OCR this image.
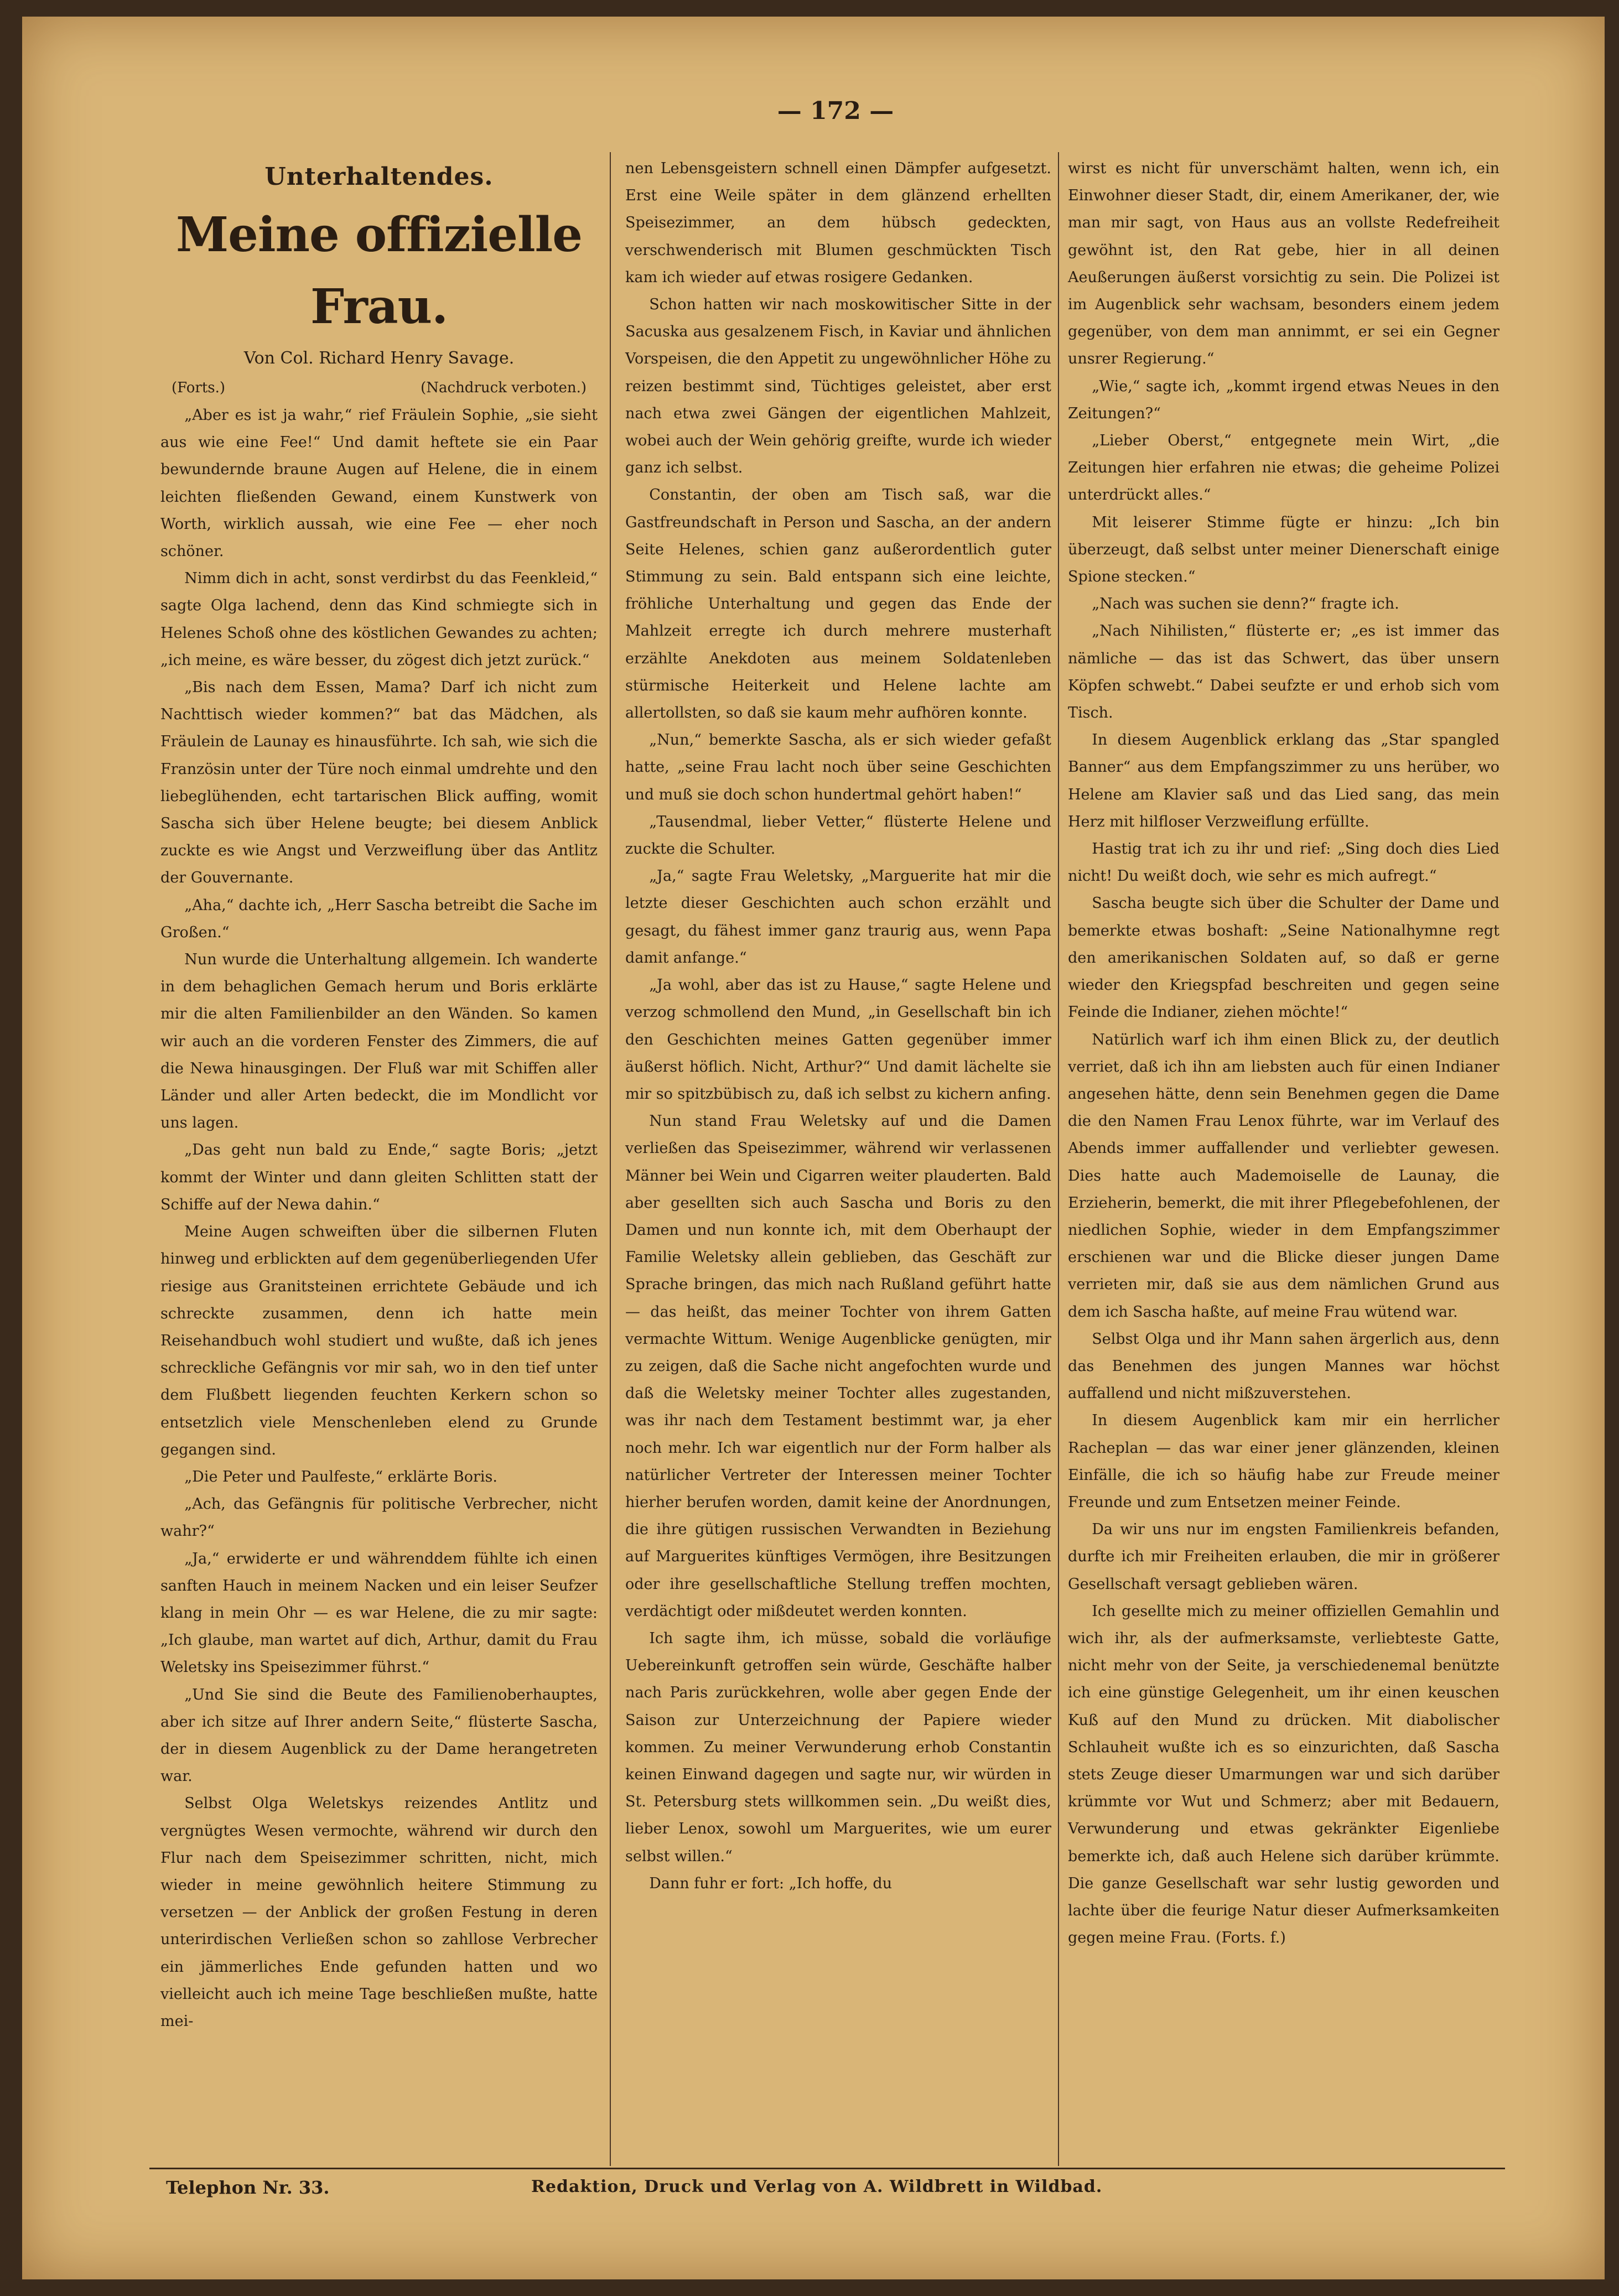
— 172 —
Unterhaltendes.
Meine offizielle Frau.
Von Col. Richard Henry Savage.
(Forts.)	(Nachdruck verboten.)

„Aber es ist ja wahr,“ rief Fräulein Sophie, „sie sieht aus wie eine Fee!“ Und damit heftete sie ein Paar bewundernde braune Augen auf Helene, die in einem leichten fließenden Gewand, einem Kunstwerk von Worth, wirklich aussah, wie eine Fee — eher noch schöner.

Nimm dich in acht, sonst verdirbst du das Feenkleid,“ sagte Olga lachend, denn das Kind schmiegte sich in Helenes Schoß ohne des köstlichen Gewandes zu achten; „ich meine, es wäre besser, du zögest dich jetzt zurück.“

„Bis nach dem Essen, Mama? Darf ich nicht zum Nachttisch wieder kommen?“ bat das Mädchen, als Fräulein de Launay es hinausführte. Ich sah, wie sich die Französin unter der Türe noch einmal umdrehte und den liebeglühenden, echt tartarischen Blick auffing, womit Sascha sich über Helene beugte; bei diesem Anblick zuckte es wie Angst und Verzweiflung über das Antlitz der Gouvernante.

„Aha,“ dachte ich, „Herr Sascha betreibt die Sache im Großen.“

Nun wurde die Unterhaltung allgemein. Ich wanderte in dem behaglichen Gemach herum und Boris erklärte mir die alten Familienbilder an den Wänden. So kamen wir auch an die vorderen Fenster des Zimmers, die auf die Newa hinausgingen. Der Fluß war mit Schiffen aller Länder und aller Arten bedeckt, die im Mondlicht vor uns lagen.

„Das geht nun bald zu Ende,“ sagte Boris; „jetzt kommt der Winter und dann gleiten Schlitten statt der Schiffe auf der Newa dahin.“

Meine Augen schweiften über die silbernen Fluten hinweg und erblickten auf dem gegenüberliegenden Ufer riesige aus Granitsteinen errichtete Gebäude und ich schreckte zusammen, denn ich hatte mein Reisehandbuch wohl studiert und wußte, daß ich jenes schreckliche Gefängnis vor mir sah, wo in den tief unter dem Flußbett liegenden feuchten Kerkern schon so entsetzlich viele Menschenleben elend zu Grunde gegangen sind.

„Die Peter und Paulfeste,“ erklärte Boris.

„Ach, das Gefängnis für politische Verbrecher, nicht wahr?“

„Ja,“ erwiderte er und währenddem fühlte ich einen sanften Hauch in meinem Nacken und ein leiser Seufzer klang in mein Ohr — es war Helene, die zu mir sagte: „Ich glaube, man wartet auf dich, Arthur, damit du Frau Weletsky ins Speisezimmer führst.“

„Und Sie sind die Beute des Familienoberhauptes, aber ich sitze auf Ihrer andern Seite,“ flüsterte Sascha, der in diesem Augenblick zu der Dame herangetreten war.

Selbst Olga Weletskys reizendes Antlitz und vergnügtes Wesen vermochte, während wir durch den Flur nach dem Speisezimmer schritten, nicht, mich wieder in meine gewöhnlich heitere Stimmung zu versetzen — der Anblick der großen Festung in deren unterirdischen Verließen schon so zahllose Verbrecher ein jämmerliches Ende gefunden hatten und wo vielleicht auch ich meine Tage beschließen mußte, hatte mei-

nen Lebensgeistern schnell einen Dämpfer aufgesetzt. Erst eine Weile später in dem glänzend erhellten Speisezimmer, an dem hübsch gedeckten, verschwenderisch mit Blumen geschmückten Tisch kam ich wieder auf etwas rosigere Gedanken.

Schon hatten wir nach moskowitischer Sitte in der Sacuska aus gesalzenem Fisch, in Kaviar und ähnlichen Vorspeisen, die den Appetit zu ungewöhnlicher Höhe zu reizen bestimmt sind, Tüchtiges geleistet, aber erst nach etwa zwei Gängen der eigentlichen Mahlzeit, wobei auch der Wein gehörig greifte, wurde ich wieder ganz ich selbst.

Constantin, der oben am Tisch saß, war die Gastfreundschaft in Person und Sascha, an der andern Seite Helenes, schien ganz außerordentlich guter Stimmung zu sein. Bald entspann sich eine leichte, fröhliche Unterhaltung und gegen das Ende der Mahlzeit erregte ich durch mehrere musterhaft erzählte Anekdoten aus meinem Soldatenleben stürmische Heiterkeit und Helene lachte am allertollsten, so daß sie kaum mehr aufhören konnte.

„Nun,“ bemerkte Sascha, als er sich wieder gefaßt hatte, „seine Frau lacht noch über seine Geschichten und muß sie doch schon hundertmal gehört haben!“

„Tausendmal, lieber Vetter,“ flüsterte Helene und zuckte die Schulter.

„Ja,“ sagte Frau Weletsky, „Marguerite hat mir die letzte dieser Geschichten auch schon erzählt und gesagt, du fähest immer ganz traurig aus, wenn Papa damit anfange.“

„Ja wohl, aber das ist zu Hause,“ sagte Helene und verzog schmollend den Mund, „in Gesellschaft bin ich den Geschichten meines Gatten gegenüber immer äußerst höflich. Nicht, Arthur?“ Und damit lächelte sie mir so spitzbübisch zu, daß ich selbst zu kichern anfing.

Nun stand Frau Weletsky auf und die Damen verließen das Speisezimmer, während wir verlassenen Männer bei Wein und Cigarren weiter plauderten. Bald aber gesellten sich auch Sascha und Boris zu den Damen und nun konnte ich, mit dem Oberhaupt der Familie Weletsky allein geblieben, das Geschäft zur Sprache bringen, das mich nach Rußland geführt hatte — das heißt, das meiner Tochter von ihrem Gatten vermachte Wittum. Wenige Augenblicke genügten, mir zu zeigen, daß die Sache nicht angefochten wurde und daß die Weletsky meiner Tochter alles zugestanden, was ihr nach dem Testament bestimmt war, ja eher noch mehr. Ich war eigentlich nur der Form halber als natürlicher Vertreter der Interessen meiner Tochter hierher berufen worden, damit keine der Anordnungen, die ihre gütigen russischen Verwandten in Beziehung auf Marguerites künftiges Vermögen, ihre Besitzungen oder ihre gesellschaftliche Stellung treffen mochten, verdächtigt oder mißdeutet werden konnten.

Ich sagte ihm, ich müsse, sobald die vorläufige Uebereinkunft getroffen sein würde, Geschäfte halber nach Paris zurückkehren, wolle aber gegen Ende der Saison zur Unterzeichnung der Papiere wieder kommen. Zu meiner Verwunderung erhob Constantin keinen Einwand dagegen und sagte nur, wir würden in St. Petersburg stets willkommen sein. „Du weißt dies, lieber Lenox, sowohl um Marguerites, wie um eurer selbst willen.“

Dann fuhr er fort: „Ich hoffe, du

wirst es nicht für unverschämt halten, wenn ich, ein Einwohner dieser Stadt, dir, einem Amerikaner, der, wie man mir sagt, von Haus aus an vollste Redefreiheit gewöhnt ist, den Rat gebe, hier in all deinen Aeußerungen äußerst vorsichtig zu sein. Die Polizei ist im Augenblick sehr wachsam, besonders einem jedem gegenüber, von dem man annimmt, er sei ein Gegner unsrer Regierung.“

„Wie,“ sagte ich, „kommt irgend etwas Neues in den Zeitungen?“

„Lieber Oberst,“ entgegnete mein Wirt, „die Zeitungen hier erfahren nie etwas; die geheime Polizei unterdrückt alles.“

Mit leiserer Stimme fügte er hinzu: „Ich bin überzeugt, daß selbst unter meiner Dienerschaft einige Spione stecken.“

„Nach was suchen sie denn?“ fragte ich.

„Nach Nihilisten,“ flüsterte er; „es ist immer das nämliche — das ist das Schwert, das über unsern Köpfen schwebt.“ Dabei seufzte er und erhob sich vom Tisch.

In diesem Augenblick erklang das „Star spangled Banner“ aus dem Empfangszimmer zu uns herüber, wo Helene am Klavier saß und das Lied sang, das mein Herz mit hilfloser Verzweiflung erfüllte.

Hastig trat ich zu ihr und rief: „Sing doch dies Lied nicht! Du weißt doch, wie sehr es mich aufregt.“

Sascha beugte sich über die Schulter der Dame und bemerkte etwas boshaft: „Seine Nationalhymne regt den amerikanischen Soldaten auf, so daß er gerne wieder den Kriegspfad beschreiten und gegen seine Feinde die Indianer, ziehen möchte!“

Natürlich warf ich ihm einen Blick zu, der deutlich verriet, daß ich ihn am liebsten auch für einen Indianer angesehen hätte, denn sein Benehmen gegen die Dame die den Namen Frau Lenox führte, war im Verlauf des Abends immer auffallender und verliebter gewesen. Dies hatte auch Mademoiselle de Launay, die Erzieherin, bemerkt, die mit ihrer Pflegebefohlenen, der niedlichen Sophie, wieder in dem Empfangszimmer erschienen war und die Blicke dieser jungen Dame verrieten mir, daß sie aus dem nämlichen Grund aus dem ich Sascha haßte, auf meine Frau wütend war.

Selbst Olga und ihr Mann sahen ärgerlich aus, denn das Benehmen des jungen Mannes war höchst auffallend und nicht mißzuverstehen.

In diesem Augenblick kam mir ein herrlicher Racheplan — das war einer jener glänzenden, kleinen Einfälle, die ich so häufig habe zur Freude meiner Freunde und zum Entsetzen meiner Feinde.

Da wir uns nur im engsten Familienkreis befanden, durfte ich mir Freiheiten erlauben, die mir in größerer Gesellschaft versagt geblieben wären.

Ich gesellte mich zu meiner offiziellen Gemahlin und wich ihr, als der aufmerksamste, verliebteste Gatte, nicht mehr von der Seite, ja verschiedenemal benützte ich eine günstige Gelegenheit, um ihr einen keuschen Kuß auf den Mund zu drücken. Mit diabolischer Schlauheit wußte ich es so einzurichten, daß Sascha stets Zeuge dieser Umarmungen war und sich darüber krümmte vor Wut und Schmerz; aber mit Bedauern, Verwunderung und etwas gekränkter Eigenliebe bemerkte ich, daß auch Helene sich darüber krümmte. Die ganze Gesellschaft war sehr lustig geworden und lachte über die feurige Natur dieser Aufmerksamkeiten gegen meine Frau. (Forts. f.)

Telephon Nr. 33.	Redaktion, Druck und Verlag von A. Wildbrett in Wildbad.
